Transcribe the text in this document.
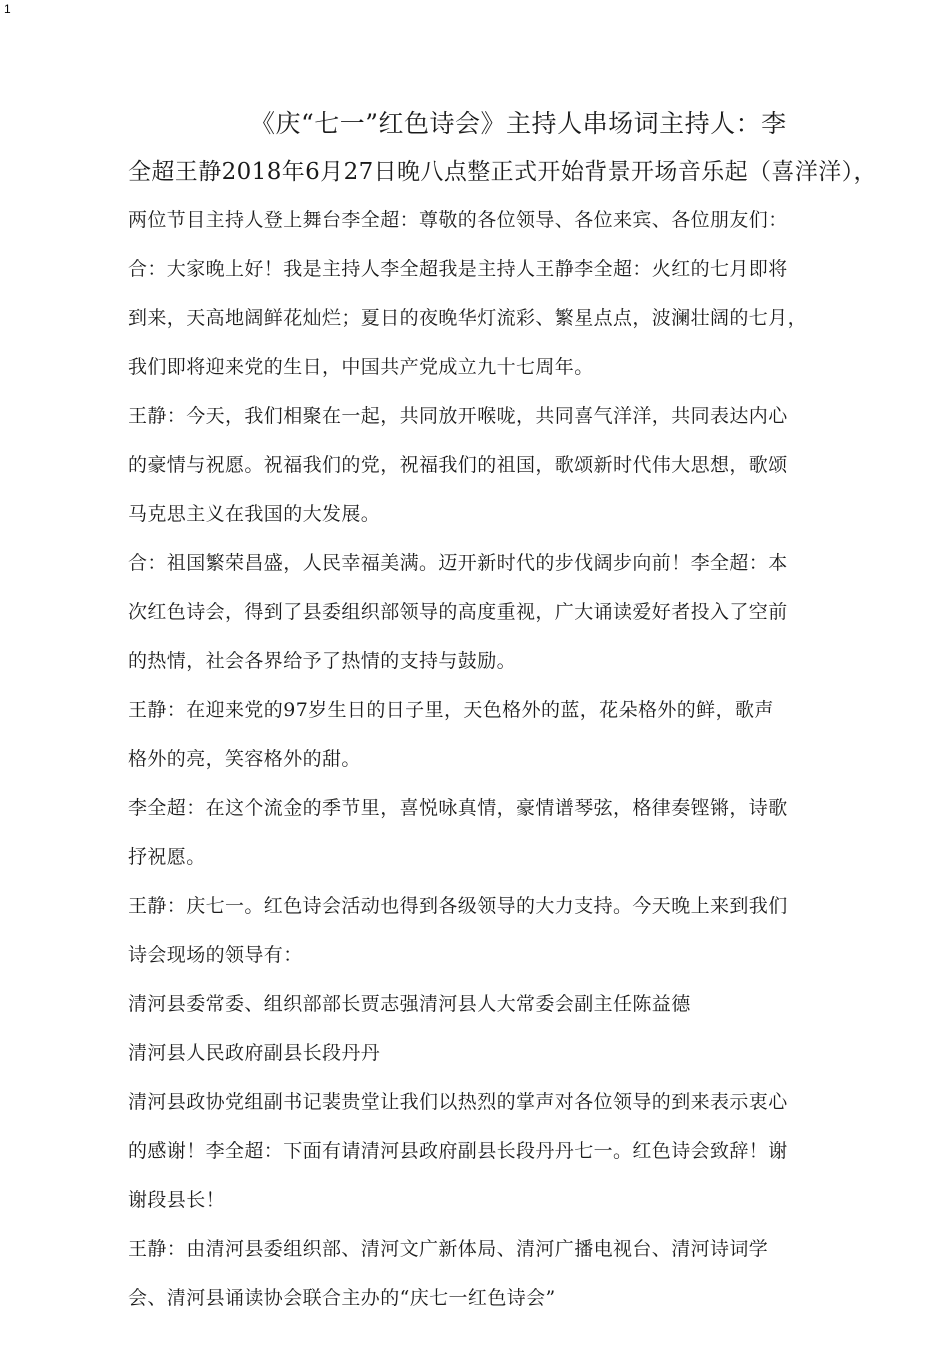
1
《庆“七一”红色诗会》主持人串场词主持人：李
全超王静2018年6月27日晚八点整正式开始背景开场音乐起（喜洋洋），
两位节目主持人登上舞台李全超：尊敬的各位领导、各位来宾、各位朋友们：
合：大家晚上好！我是主持人李全超我是主持人王静李全超：火红的七月即将
到来，天高地阔鲜花灿烂；夏日的夜晚华灯流彩、繁星点点，波澜壮阔的七月，
我们即将迎来党的生日，中国共产党成立九十七周年。
王静：今天，我们相聚在一起，共同放开喉咙，共同喜气洋洋，共同表达内心
的豪情与祝愿。祝福我们的党，祝福我们的祖国，歌颂新时代伟大思想，歌颂
马克思主义在我国的大发展。
合：祖国繁荣昌盛，人民幸福美满。迈开新时代的步伐阔步向前！李全超：本
次红色诗会，得到了县委组织部领导的高度重视，广大诵读爱好者投入了空前
的热情，社会各界给予了热情的支持与鼓励。
王静：在迎来党的97岁生日的日子里，天色格外的蓝，花朵格外的鲜，歌声
格外的亮，笑容格外的甜。
李全超：在这个流金的季节里，喜悦咏真情，豪情谱琴弦，格律奏铿锵，诗歌
抒祝愿。
王静：庆七一。红色诗会活动也得到各级领导的大力支持。今天晚上来到我们
诗会现场的领导有：
清河县委常委、组织部部长贾志强清河县人大常委会副主任陈益德
清河县人民政府副县长段丹丹
清河县政协党组副书记裴贵堂让我们以热烈的掌声对各位领导的到来表示衷心
的感谢！李全超：下面有请清河县政府副县长段丹丹七一。红色诗会致辞！谢
谢段县长！
王静：由清河县委组织部、清河文广新体局、清河广播电视台、清河诗词学
会、清河县诵读协会联合主办的“庆七一红色诗会”
